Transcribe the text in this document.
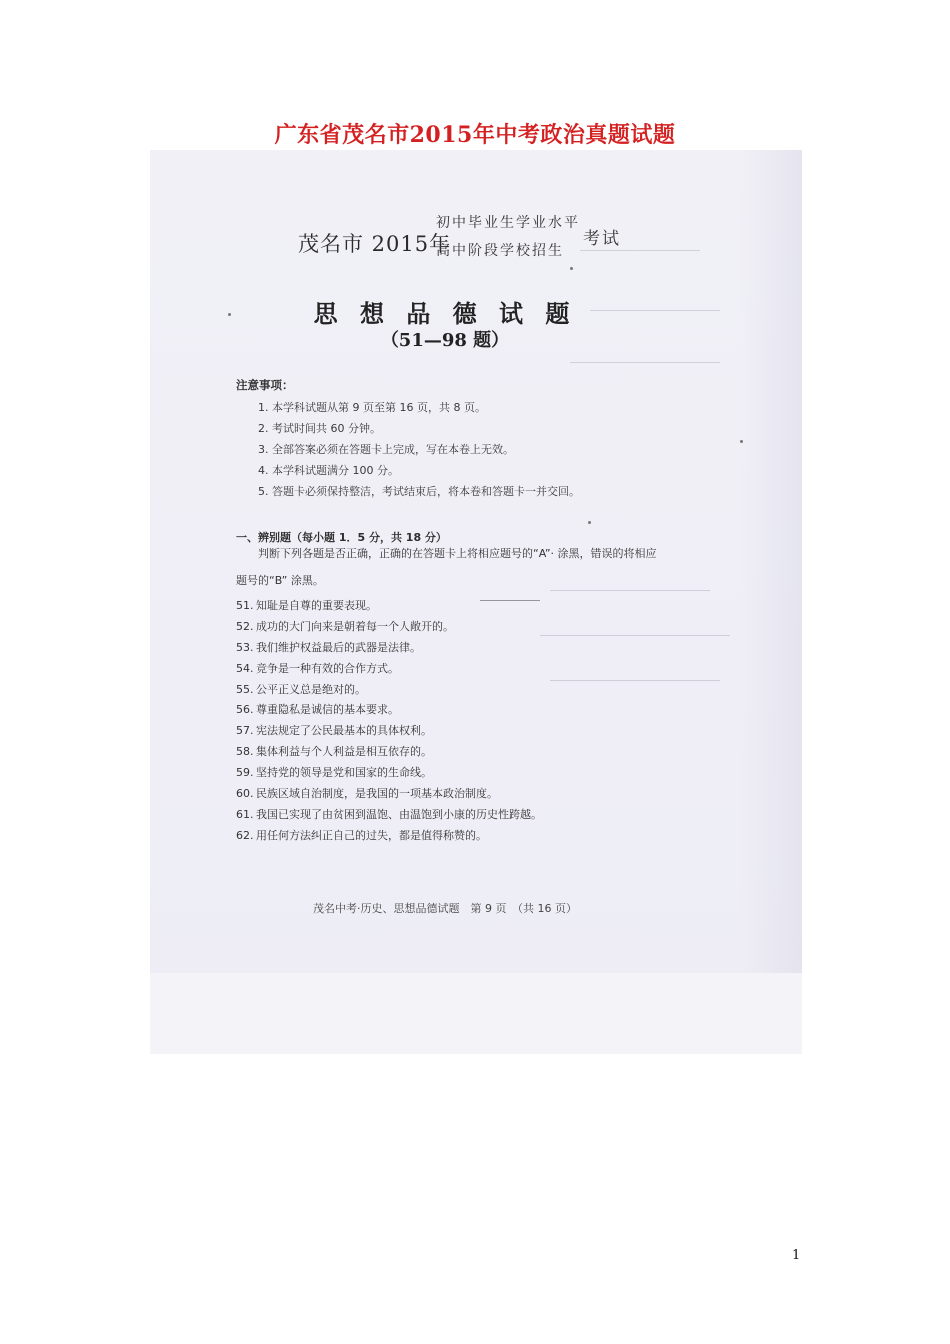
广东省茂名市2015年中考政治真题试题
茂名市 2015年
初中毕业生学业水平
高中阶段学校招生
考试
思 想 品 德 试 题
（51—98 题）
注意事项：
1. 本学科试题从第 9 页至第 16 页，共 8 页。
2. 考试时间共 60 分钟。
3. 全部答案必须在答题卡上完成，写在本卷上无效。
4. 本学科试题满分 100 分。
5. 答题卡必须保持整洁，考试结束后，将本卷和答题卡一并交回。
一、辨别题（每小题 1．5 分，共 18 分）
判断下列各题是否正确，正确的在答题卡上将相应题号的“A”· 涂黑，错误的将相应
题号的“B” 涂黑。
51. 知耻是自尊的重要表现。
52. 成功的大门向来是朝着每一个人敞开的。
53. 我们维护权益最后的武器是法律。
54. 竞争是一种有效的合作方式。
55. 公平正义总是绝对的。
56. 尊重隐私是诚信的基本要求。
57. 宪法规定了公民最基本的具体权利。
58. 集体利益与个人利益是相互依存的。
59. 坚持党的领导是党和国家的生命线。
60. 民族区域自治制度，是我国的一项基本政治制度。
61. 我国已实现了由贫困到温饱、由温饱到小康的历史性跨越。
62. 用任何方法纠正自己的过失，都是值得称赞的。
茂名中考·历史、思想品德试题　第 9 页　（共 16 页）
1
